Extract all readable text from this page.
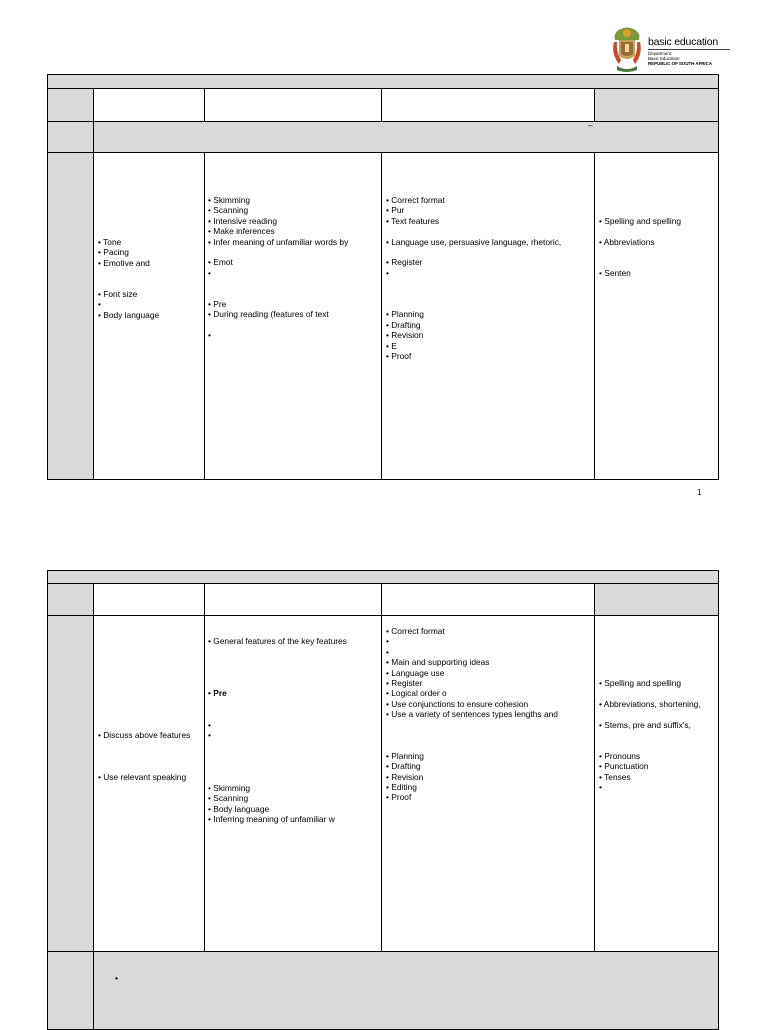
basic education
Department:
Basic Education
REPUBLIC OF SOUTH AFRICA
–
• Tone
• Pacing
• Emotive and
• Font size
•
• Body language
• Skimming
• Scanning
• Intensive reading
• Make inferences
• Infer meaning of unfamiliar words by
• Emot
•
• Pre
• During reading (features of text
•
• Correct format
• Pur
• Text features
• Language use, persuasive language, rhetoric,
• Register
•
• Planning
• Drafting
• Revision
• E
• Proof
• Spelling and spelling
• Abbreviations
• Senten
1
• Discuss above features
• Use relevant speaking
• General features of the key features
• Pre
•
•
• Skimming
• Scanning
• Body language
• Inferring meaning of unfamiliar w
• Correct format
•
•
• Main and supporting ideas
• Language use
• Register
• Logical order o
• Use conjunctions to ensure cohesion
• Use a variety of sentences types lengths and
• Planning
• Drafting
• Revision
• Editing
• Proof
• Spelling and spelling
• Abbreviations, shortening,
• Stems, pre and suffix's,
• Pronouns
• Punctuation
• Tenses
•
•
